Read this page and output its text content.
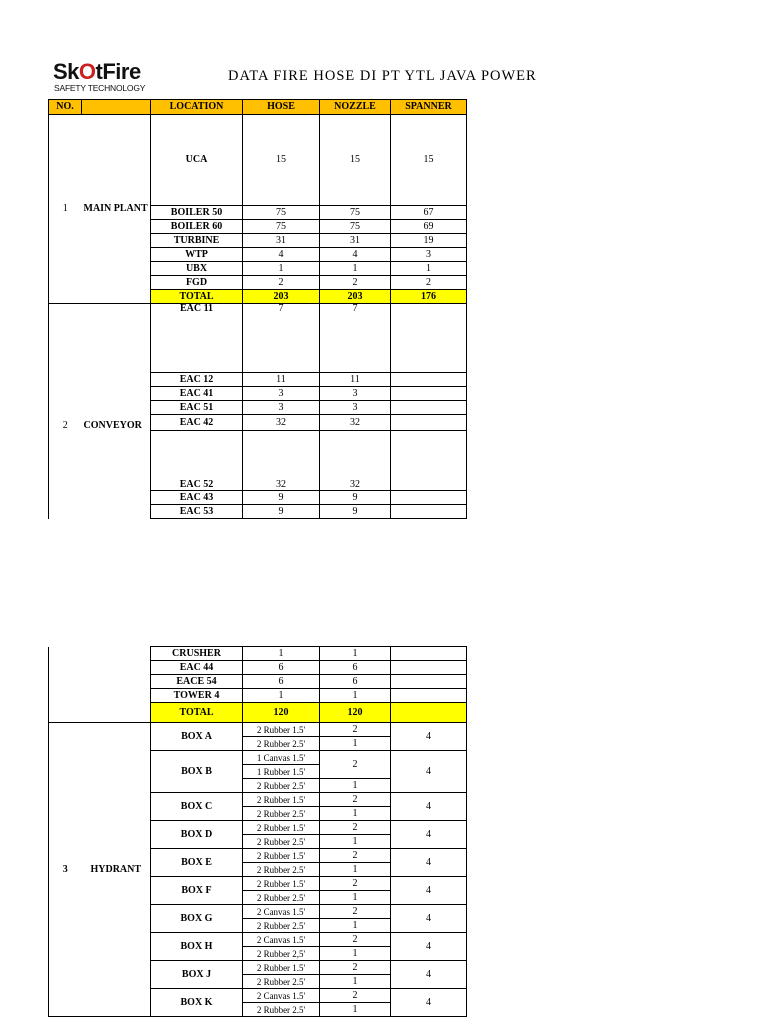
SkOtFire
SAFETY TECHNOLOGY
DATA FIRE HOSE DI PT YTL JAVA POWER
NO.		LOCATION	HOSE	NOZZLE	SPANNER
1	MAIN PLANT	UCA	15	15	15
		BOILER 50	75	75	67
		BOILER 60	75	75	69
		TURBINE	31	31	19
		WTP	4	4	3
		UBX	1	1	1
		FGD	2	2	2
		TOTAL	203	203	176
2	CONVEYOR	EAC 11	7	7	
		EAC 12	11	11	
		EAC 41	3	3	
		EAC 51	3	3	
		EAC 42	32	32	
		EAC 52	32	32	
		EAC 43	9	9	
		EAC 53	9	9	
		CRUSHER	1	1	
		EAC 44	6	6	
		EACE 54	6	6	
		TOWER 4	1	1	
		TOTAL	120	120	
3	HYDRANT	BOX A	2 Rubber 1.5'	2	4
			2 Rubber 2.5'	1	
		BOX B	1 Canvas 1.5'	2	4
			1 Rubber 1.5'		
			2 Rubber 2.5'	1	
		BOX C	2 Rubber 1.5'	2	4
			2 Rubber 2.5'	1	
		BOX D	2 Rubber 1.5'	2	4
			2 Rubber 2.5'	1	
		BOX E	2 Rubber 1.5'	2	4
			2 Rubber 2.5'	1	
		BOX F	2 Rubber 1.5'	2	4
			2 Rubber 2.5'	1	
		BOX G	2 Canvas 1.5'	2	4
			2 Rubber 2.5'	1	
		BOX H	2 Canvas 1.5'	2	4
			2 Rubber 2,5'	1	
		BOX J	2 Rubber 1.5'	2	4
			2 Rubber 2.5'	1	
		BOX K	2 Canvas 1.5'	2	4
			2 Rubber 2.5'	1	
